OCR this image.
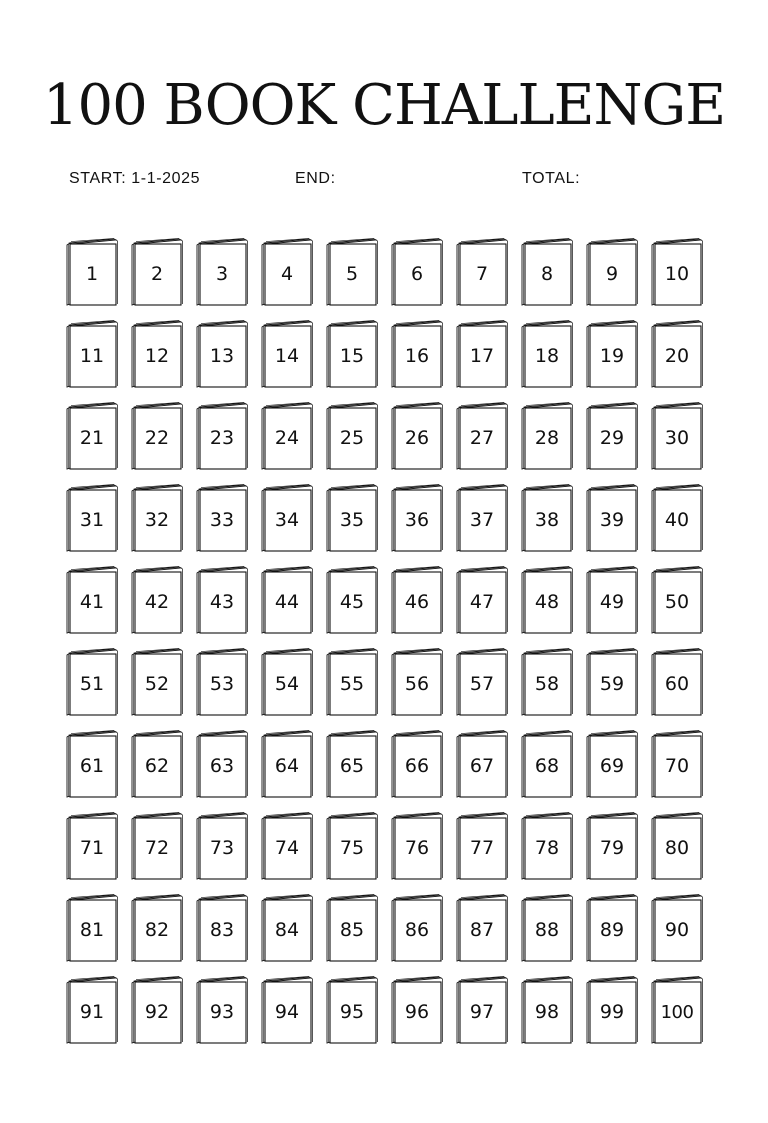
100 BOOK CHALLENGE
START: 1-1-2025	END:	TOTAL:
1	2	3	4	5	6	7	8	9	10
11	12	13	14	15	16	17	18	19	20
21	22	23	24	25	26	27	28	29	30
31	32	33	34	35	36	37	38	39	40
41	42	43	44	45	46	47	48	49	50
51	52	53	54	55	56	57	58	59	60
61	62	63	64	65	66	67	68	69	70
71	72	73	74	75	76	77	78	79	80
81	82	83	84	85	86	87	88	89	90
91	92	93	94	95	96	97	98	99	100
